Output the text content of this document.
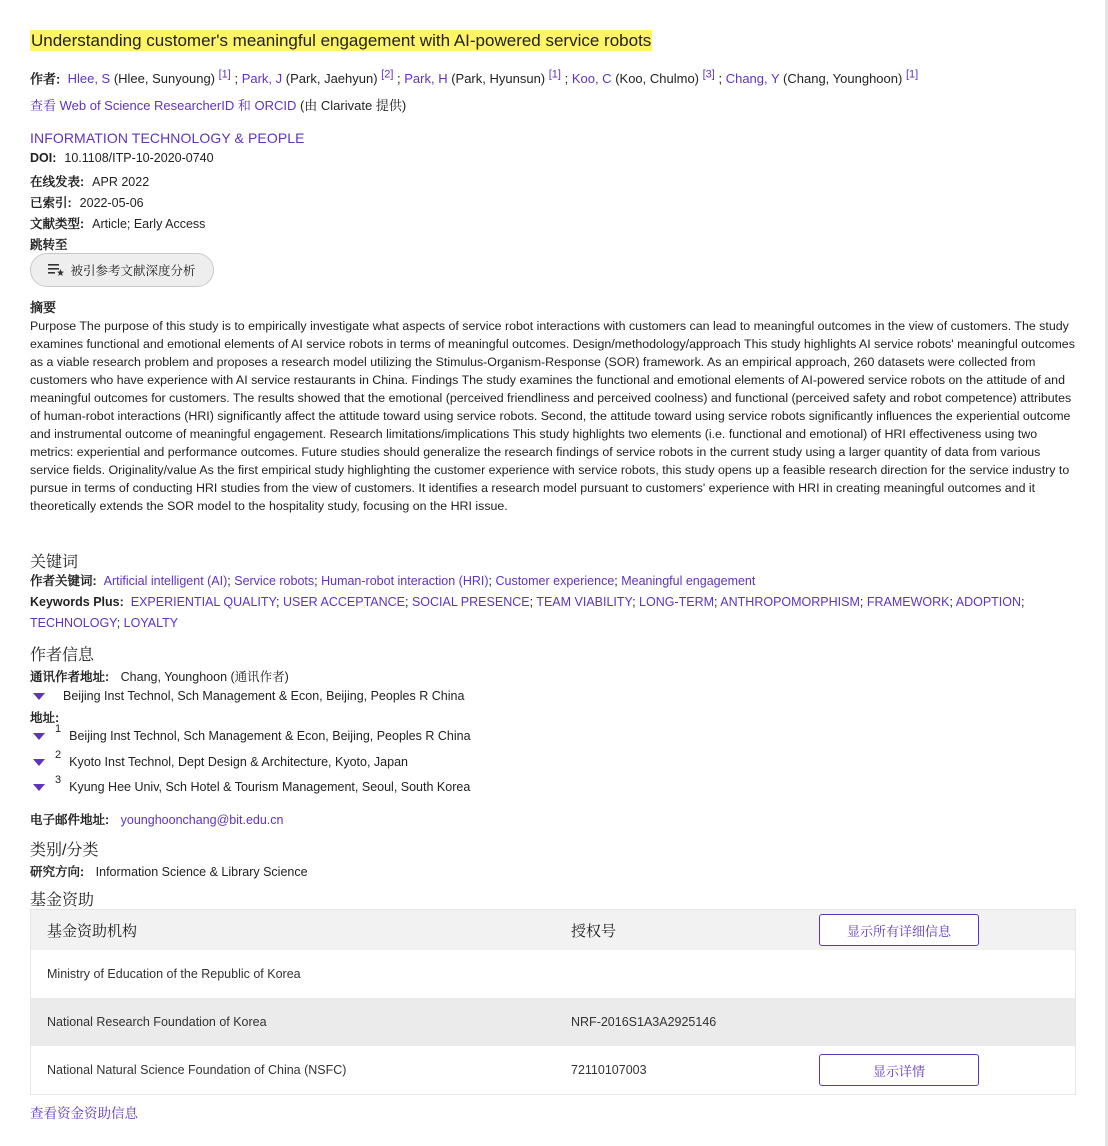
Understanding customer's meaningful engagement with AI-powered service robots
作者: Hlee, S (Hlee, Sunyoung) [1] ; Park, J (Park, Jaehyun) [2] ; Park, H (Park, Hyunsun) [1] ; Koo, C (Koo, Chulmo) [3] ; Chang, Y (Chang, Younghoon) [1]
查看 Web of Science ResearcherID 和 ORCID (由 Clarivate 提供)
INFORMATION TECHNOLOGY & PEOPLE
DOI: 10.1108/ITP-10-2020-0740
在线发表: APR 2022
已索引: 2022-05-06
文献类型: Article; Early Access
跳转至
被引参考文献深度分析
摘要
Purpose The purpose of this study is to empirically investigate what aspects of service robot interactions with customers can lead to meaningful outcomes in the view of customers. The study examines functional and emotional elements of AI service robots in terms of meaningful outcomes. Design/methodology/approach This study highlights AI service robots' meaningful outcomes as a viable research problem and proposes a research model utilizing the Stimulus-Organism-Response (SOR) framework. As an empirical approach, 260 datasets were collected from customers who have experience with AI service restaurants in China. Findings The study examines the functional and emotional elements of AI-powered service robots on the attitude of and meaningful outcomes for customers. The results showed that the emotional (perceived friendliness and perceived coolness) and functional (perceived safety and robot competence) attributes of human-robot interactions (HRI) significantly affect the attitude toward using service robots. Second, the attitude toward using service robots significantly influences the experiential outcome and instrumental outcome of meaningful engagement. Research limitations/implications This study highlights two elements (i.e. functional and emotional) of HRI effectiveness using two metrics: experiential and performance outcomes. Future studies should generalize the research findings of service robots in the current study using a larger quantity of data from various service fields. Originality/value As the first empirical study highlighting the customer experience with service robots, this study opens up a feasible research direction for the service industry to pursue in terms of conducting HRI studies from the view of customers. It identifies a research model pursuant to customers' experience with HRI in creating meaningful outcomes and it theoretically extends the SOR model to the hospitality study, focusing on the HRI issue.
关键词
作者关键词: Artificial intelligent (AI); Service robots; Human-robot interaction (HRI); Customer experience; Meaningful engagement
Keywords Plus: EXPERIENTIAL QUALITY; USER ACCEPTANCE; SOCIAL PRESENCE; TEAM VIABILITY; LONG-TERM; ANTHROPOMORPHISM; FRAMEWORK; ADOPTION; TECHNOLOGY; LOYALTY
作者信息
通讯作者地址: Chang, Younghoon (通讯作者)
Beijing Inst Technol, Sch Management & Econ, Beijing, Peoples R China
地址:
1 Beijing Inst Technol, Sch Management & Econ, Beijing, Peoples R China
2 Kyoto Inst Technol, Dept Design & Architecture, Kyoto, Japan
3 Kyung Hee Univ, Sch Hotel & Tourism Management, Seoul, South Korea
电子邮件地址: younghoonchang@bit.edu.cn
类别/分类
研究方向: Information Science & Library Science
基金资助
基金资助机构	授权号	显示所有详细信息
Ministry of Education of the Republic of Korea
National Research Foundation of Korea	NRF-2016S1A3A2925146
National Natural Science Foundation of China (NSFC)	72110107003	显示详情
查看资金资助信息
